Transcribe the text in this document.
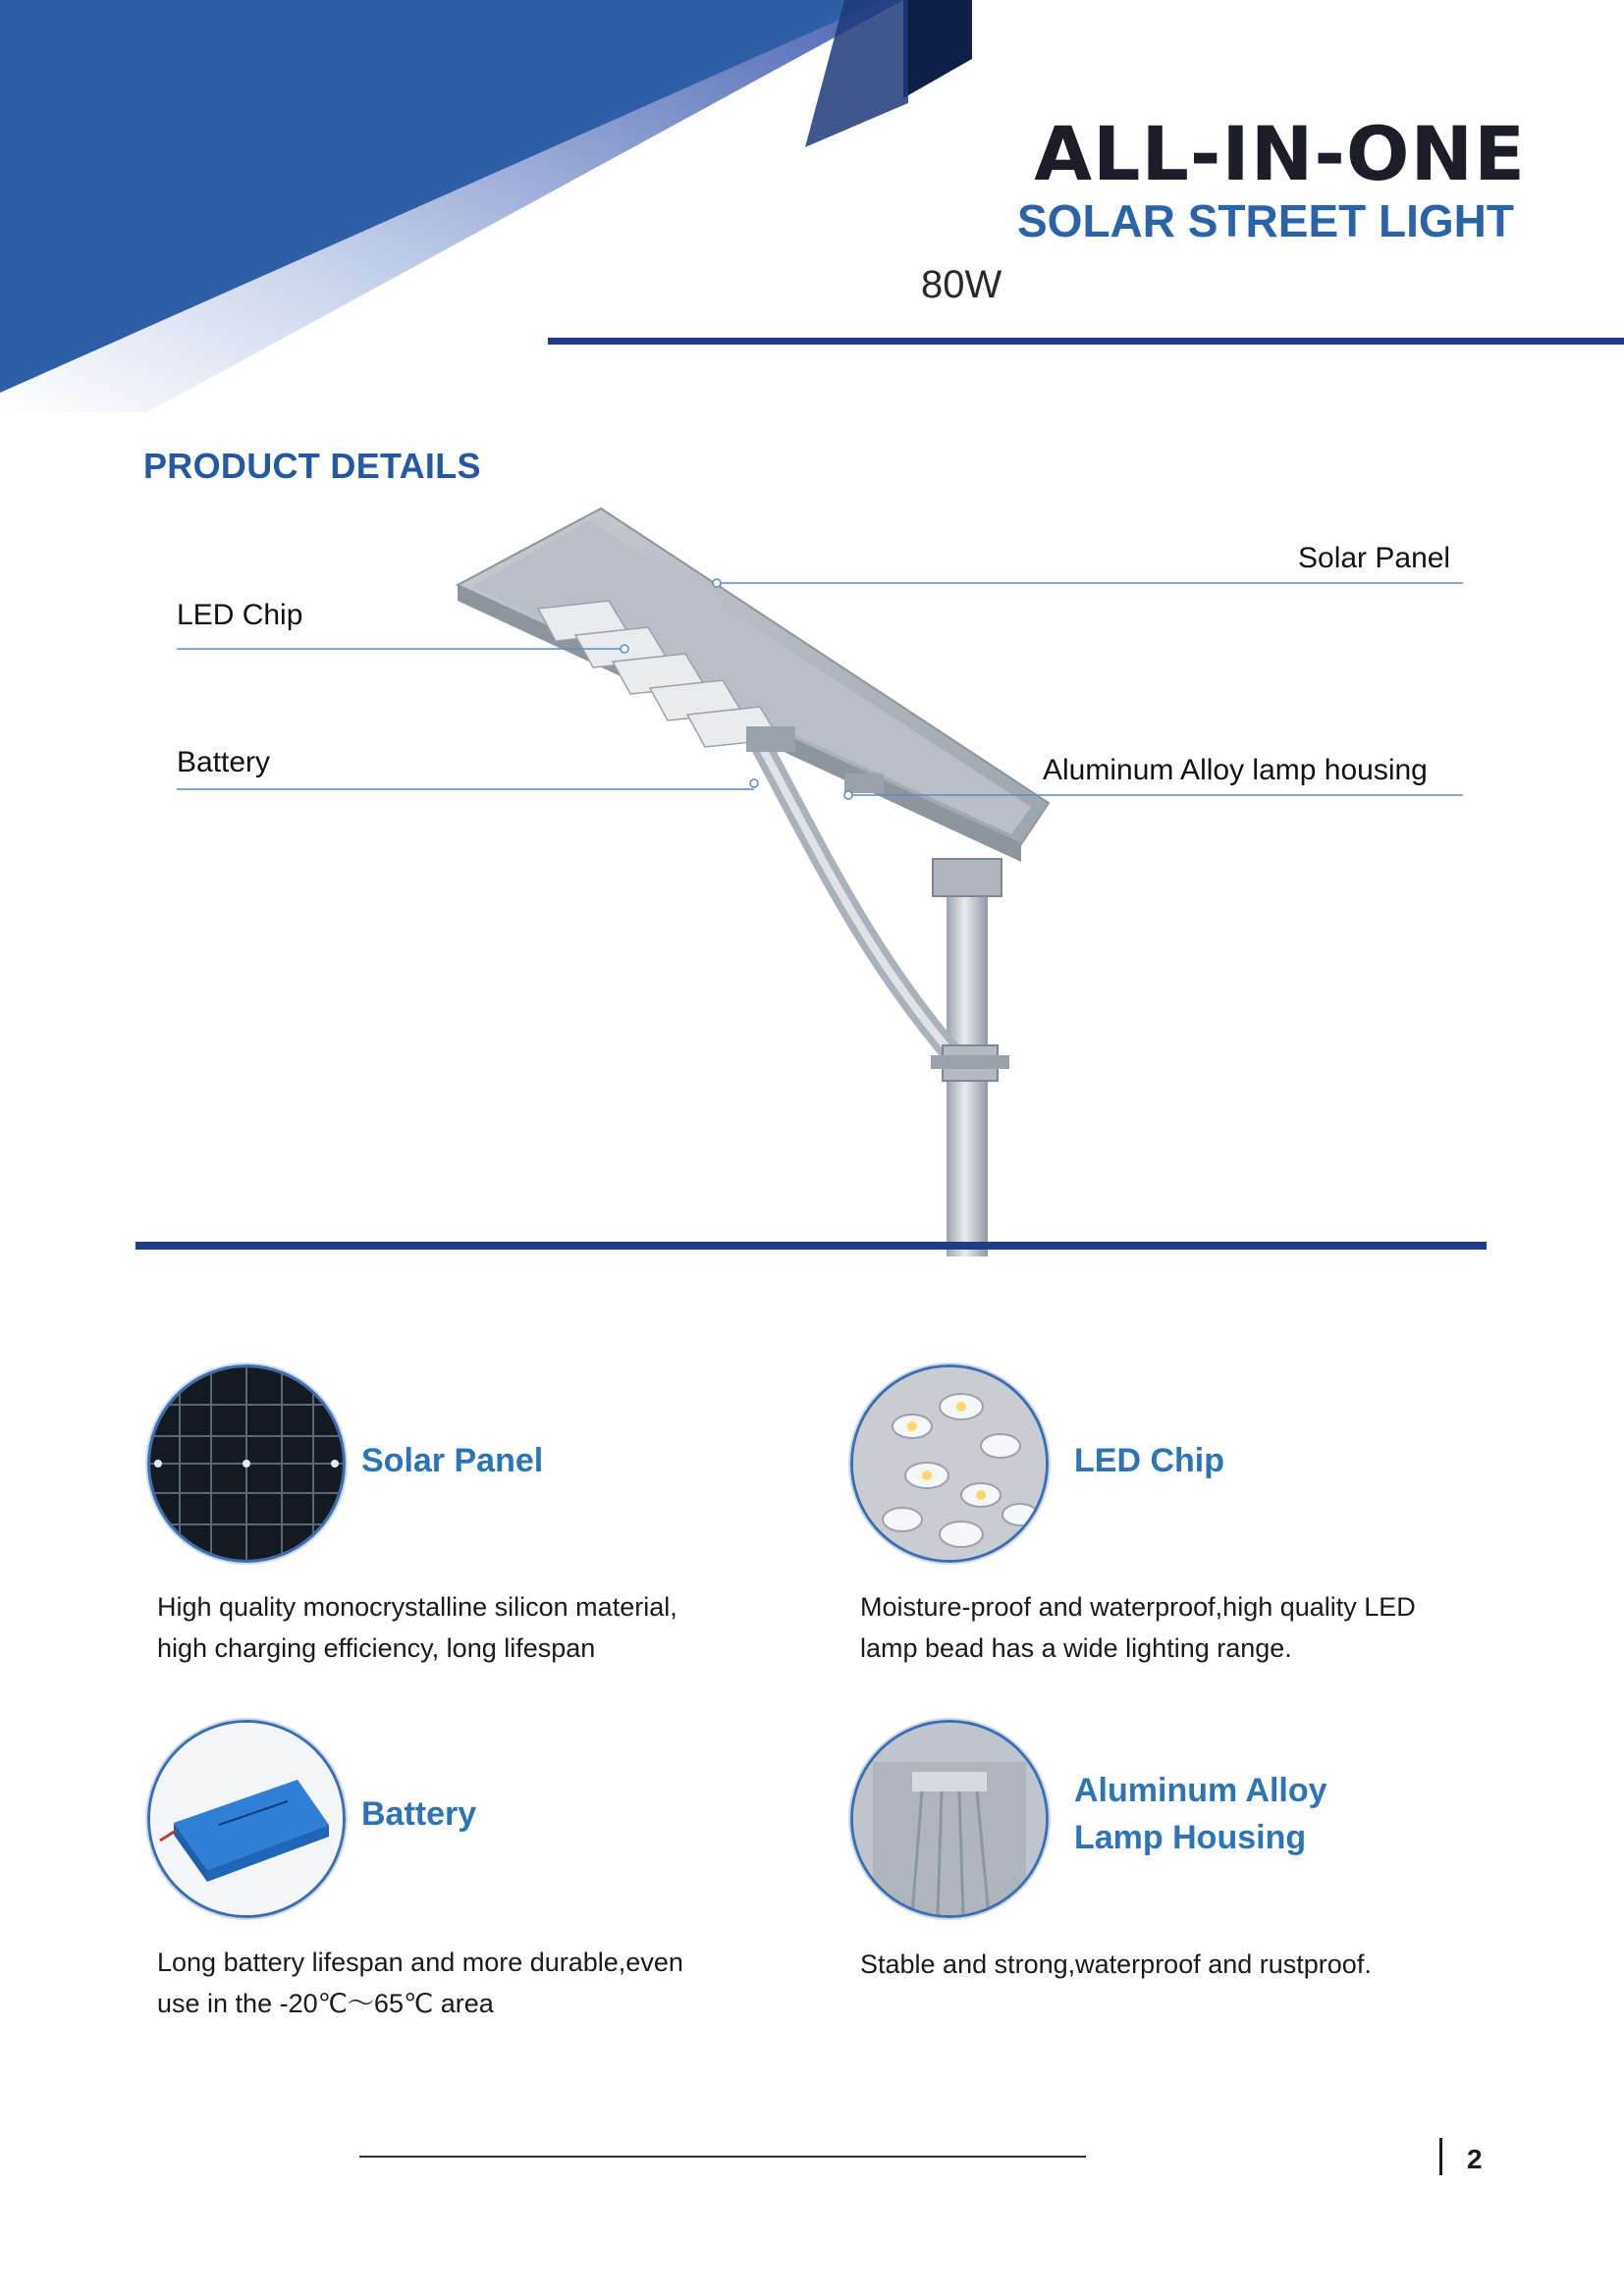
ALL-IN-ONE
SOLAR STREET LIGHT
80W
PRODUCT DETAILS
Solar Panel
LED Chip
Battery	Aluminum Alloy lamp housing
Solar Panel
High quality monocrystalline silicon material,
high charging efficiency, long lifespan
LED Chip
Moisture-proof and waterproof,high quality LED
lamp bead has a wide lighting range.
Battery
Long battery lifespan and more durable,even
use in the -20℃～65℃ area
Aluminum Alloy
Lamp Housing
Stable and strong,waterproof and rustproof.
2
